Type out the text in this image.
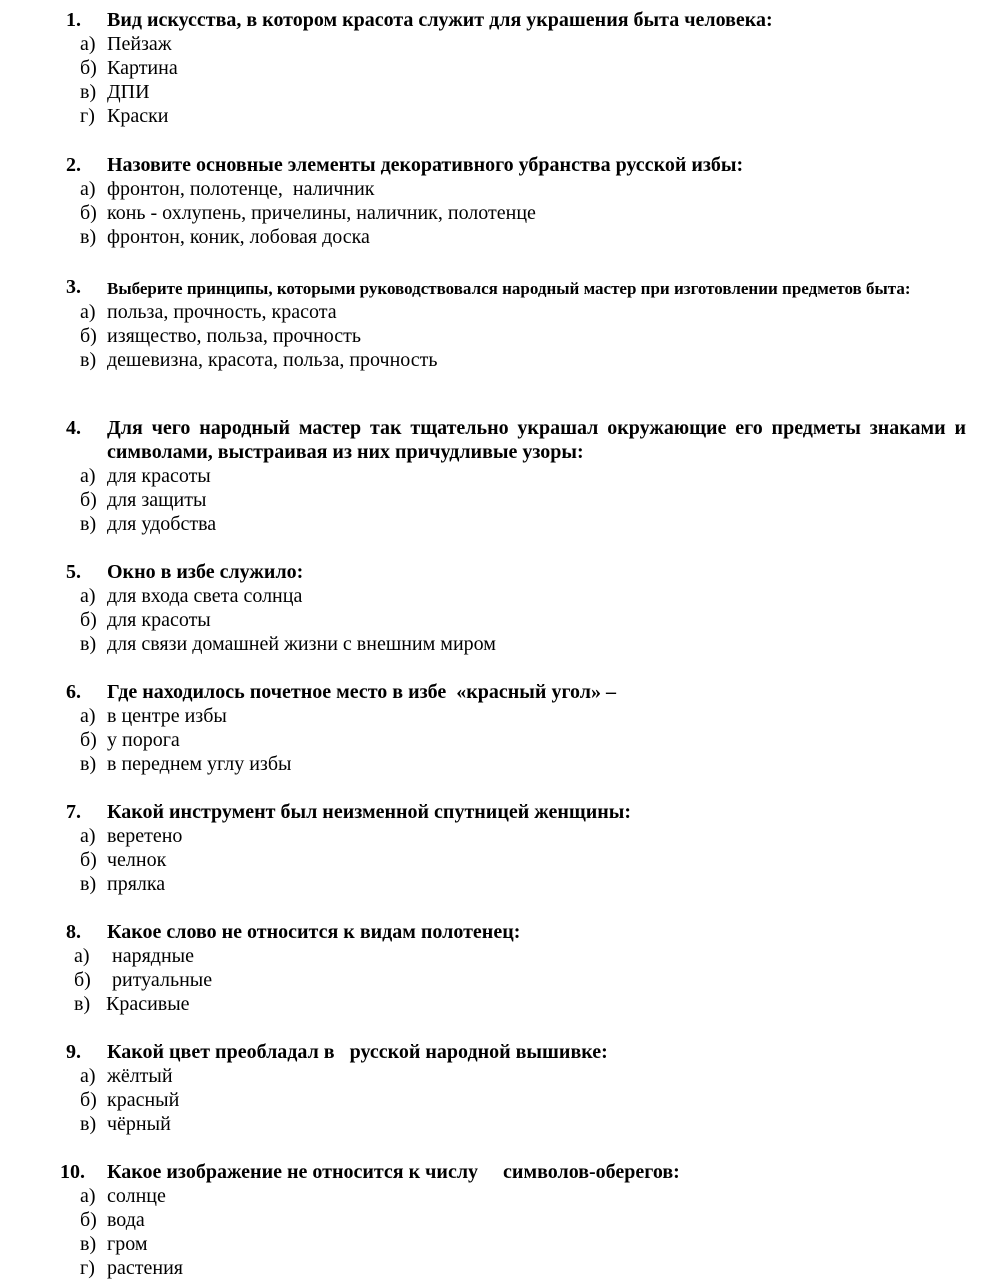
1.	Вид искусства, в котором красота служит для украшения быта человека:
а) Пейзаж
б) Картина
в) ДПИ
г) Краски
2.	Назовите основные элементы декоративного убранства русской избы:
а) фронтон, полотенце,  наличник
б) конь - охлупень, причелины, наличник, полотенце
в) фронтон, коник, лобовая доска
3.	Выберите принципы, которыми руководствовался народный мастер при изготовлении предметов быта:
а) польза, прочность, красота
б) изящество, польза, прочность
в) дешевизна, красота, польза, прочность
4.	Для чего народный мастер так тщательно украшал окружающие его предметы знаками и символами, выстраивая из них причудливые узоры:
а) для красоты
б) для защиты
в) для удобства
5.	Окно в избе служило:
а) для входа света солнца
б) для красоты
в) для связи домашней жизни с внешним миром
6.	Где находилось почетное место в избе  «красный угол» –
а) в центре избы
б) у порога
в) в переднем углу избы
7.	Какой инструмент был неизменной спутницей женщины:
а) веретено
б) челнок
в) прялка
8.	Какое слово не относится к видам полотенец:
а)	нарядные
б)	ритуальные
в) Красивые
9.	Какой цвет преобладал в   русской народной вышивке:
а) жёлтый
б) красный
в) чёрный
10.	Какое изображение не относится к числу     символов-оберегов:
а) солнце
б) вода
в) гром
г) растения
